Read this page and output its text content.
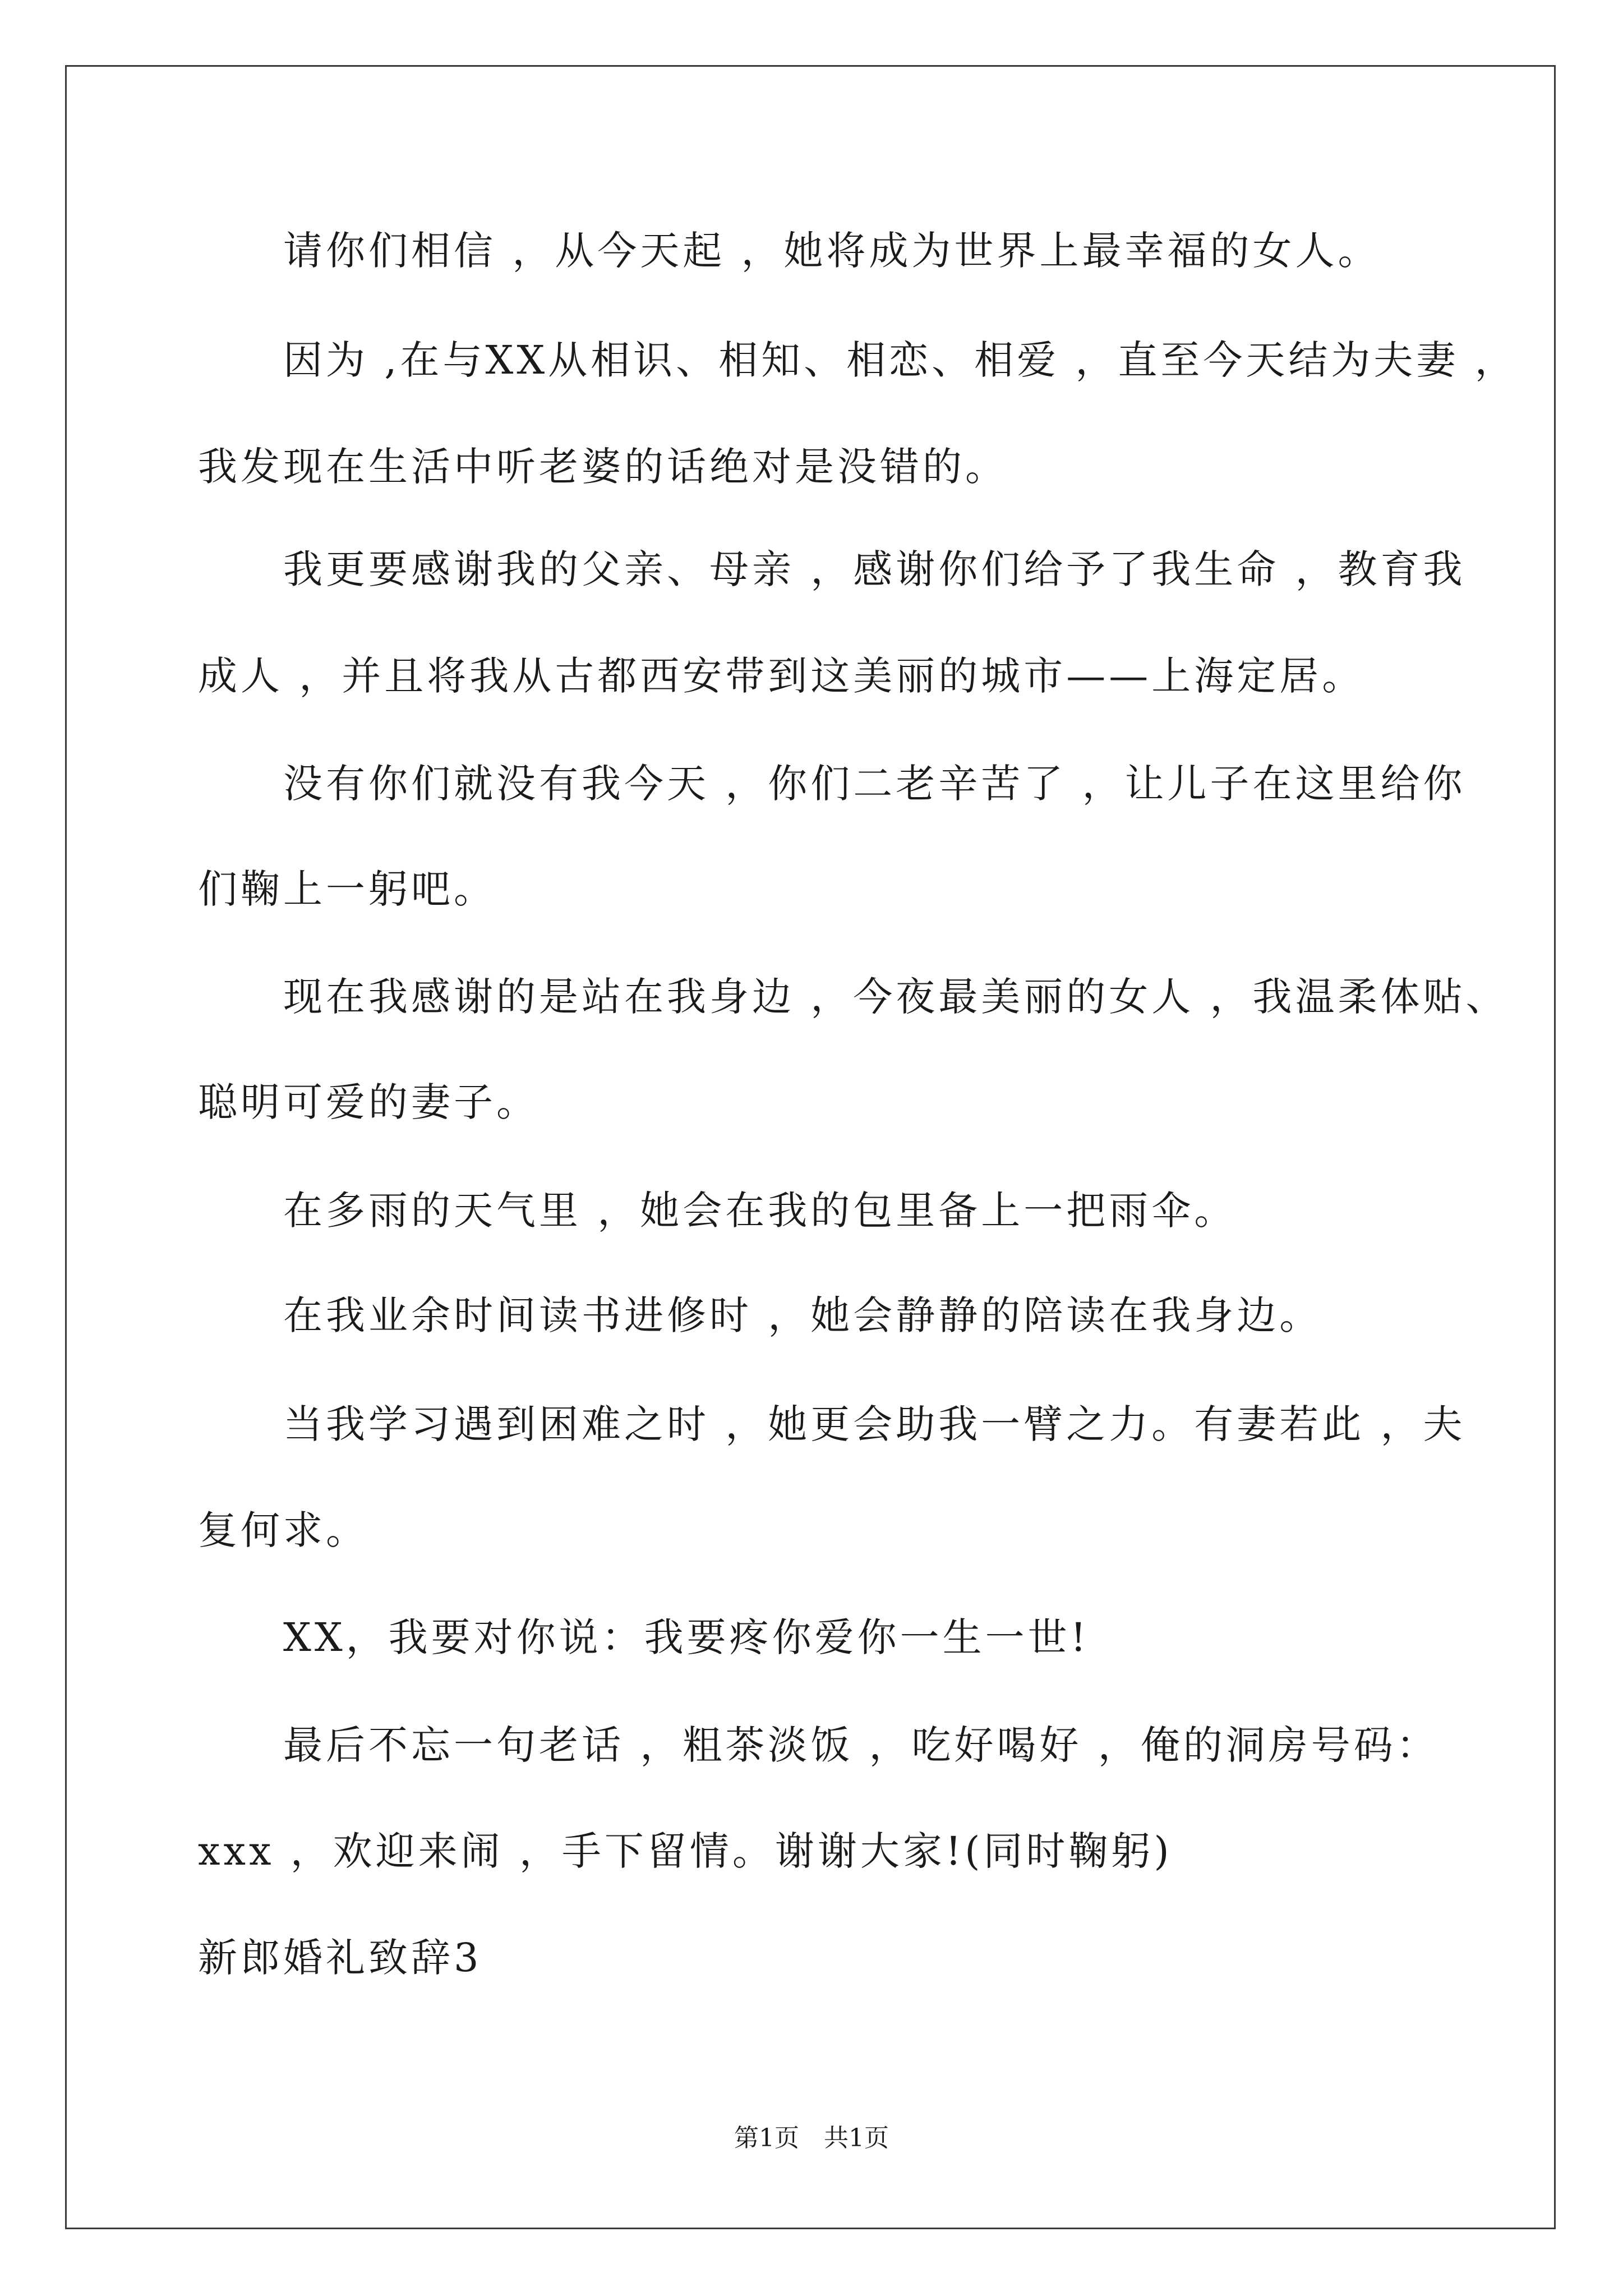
请你们相信 ，从今天起 ，她将成为世界上最幸福的女人。

因为 ,在与XX从相识、相知、相恋、相爱 ，直至今天结为夫妻 ，

我发现在生活中听老婆的话绝对是没错的。

我更要感谢我的父亲、母亲 ，感谢你们给予了我生命 ，教育我

成人 ，并且将我从古都西安带到这美丽的城市——上海定居。

没有你们就没有我今天 ，你们二老辛苦了 ，让儿子在这里给你

们鞠上一躬吧。

现在我感谢的是站在我身边 ，今夜最美丽的女人 ，我温柔体贴、

聪明可爱的妻子。

在多雨的天气里 ，她会在我的包里备上一把雨伞。

在我业余时间读书进修时 ，她会静静的陪读在我身边。

当我学习遇到困难之时 ，她更会助我一臂之力。有妻若此 ，夫

复何求。

XX，我要对你说：我要疼你爱你一生一世!

最后不忘一句老话 ，粗茶淡饭 ，吃好喝好 ，俺的洞房号码：

xxx ，欢迎来闹 ，手下留情。谢谢大家!(同时鞠躬)

新郎婚礼致辞3

第1页　共1页
